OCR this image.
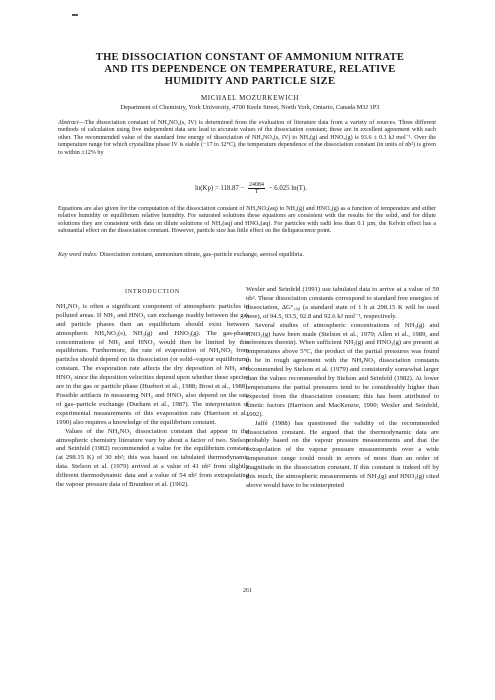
THE DISSOCIATION CONSTANT OF AMMONIUM NITRATE
AND ITS DEPENDENCE ON TEMPERATURE, RELATIVE
HUMIDITY AND PARTICLE SIZE
MICHAEL MOZURKEWICH
Department of Chemistry, York University, 4700 Keele Street, North York, Ontario, Canada M3J 1P3
Abstract—The dissociation constant of NH₄NO₃(s, IV) is determined from the evaluation of literature data from a variety of sources. Three different methods of calculation using five independent data sets lead to accurate values of the dissociation constant; these are in excellent agreement with each other. The recommended value of the standard free energy of dissociation of NH₄NO₃(s, IV) to NH₃(g) and HNO₃(g) is 93.6 ± 0.3 kJ mol⁻¹. Over the temperature range for which crystalline phase IV is stable (−17 to 32°C), the temperature dependence of the dissociation constant (in units of nb²) is given to within ±12% by
$\ln(Kp) = 118.87 - \frac{24084}{T} - 6.025$ ln(T).
Equations are also given for the computation of the dissociation constant of NH₄NO₃(aq) to NH₃(g) and HNO₃(g) as a function of temperature and either relative humidity or equilibrium relative humidity. For saturated solutions these equations are consistent with the results for the solid, and for dilute solutions they are consistent with data on dilute solutions of NH₃(aq) and HNO₃(aq). For particles with radii less than 0.1 µm, the Kelvin effect has a substantial effect on the dissociation constant. However, particle size has little effect on the deliquescence point.
Key word index: Dissociation constant, ammonium nitrate, gas–particle exchange, aerosol equilibria.
INTRODUCTION

NH₄NO₃ is often a significant component of atmospheric particles in polluted areas. If NH₃ and HNO₃ can exchange readily between the gas and particle phases then an equilibrium should exist between atmospheric NH₄NO₃(s), NH₃(g) and HNO₃(g). The gas-phase concentrations of NH₃ and HNO₃ would then be limited by this equilibrium. Furthermore, the rate of evaporation of NH₄NO₃ from particles should depend on its dissociation (or solid–vapour equilibrium) constant. The evaporation rate affects the dry deposition of NH₃ and HNO₃ since the deposition velocities depend upon whether these species are in the gas or particle phase (Huebert et al., 1988; Brost et al., 1988). Possible artifacts in measuring NH₃ and HNO₃ also depend on the rate of gas–particle exchange (Durham et al., 1987). The interpretation of experimental measurements of this evaporation rate (Harrison et al., 1990) also requires a knowledge of the equilibrium constant.

Values of the NH₄NO₃ dissociation constant that appear in the atmospheric chemistry literature vary by about a factor of two. Stelson and Seinfeld (1982) recommended a value for the equilibrium constant (at 298.15 K) of 30 nb²; this was based on tabulated thermodynamic data. Stelson et al. (1979) arrived at a value of 41 nb² from slightly different thermodynamic data and a value of 54 nb² from extrapolating the vapour pressure data of Brandner et al. (1962).

Wexler and Seinfeld (1991) use tabulated data to arrive at a value of 59 nb². These dissociation constants correspond to standard free energies of dissociation, ΔG°₂₉₈ (a standard state of 1 b at 298.15 K will be used here), of 94.5, 93.5, 92.8 and 92.6 kJ mol⁻¹, respectively.

Several studies of atmospheric concentrations of NH₃(g) and HNO₃(g) have been made (Stelson et al., 1979; Allen et al., 1989, and references therein). When sufficient NH₃(g) and HNO₃(g) are present at temperatures above 5°C, the product of the partial pressures was found to be in rough agreement with the NH₄NO₃ dissociation constants recommended by Stelson et al. (1979) and consistently somewhat larger than the values recommended by Stelson and Seinfeld (1982). At lower temperatures the partial pressures tend to be considerably higher than expected from the dissociation constant; this has been attributed to kinetic factors (Harrison and MacKenzie, 1990; Wexler and Seinfeld, 1992).

Jaffé (1988) has questioned the validity of the recommended dissociation constant. He argued that the thermodynamic data are probably based on the vapour pressure measurements and that the extrapolation of the vapour pressure measurements over a wide temperature range could result in errors of more than an order of magnitude in the dissociation constant. If this constant is indeed off by this much, the atmospheric measurements of NH₃(g) and HNO₃(g) cited above would have to be reinterpreted

261
